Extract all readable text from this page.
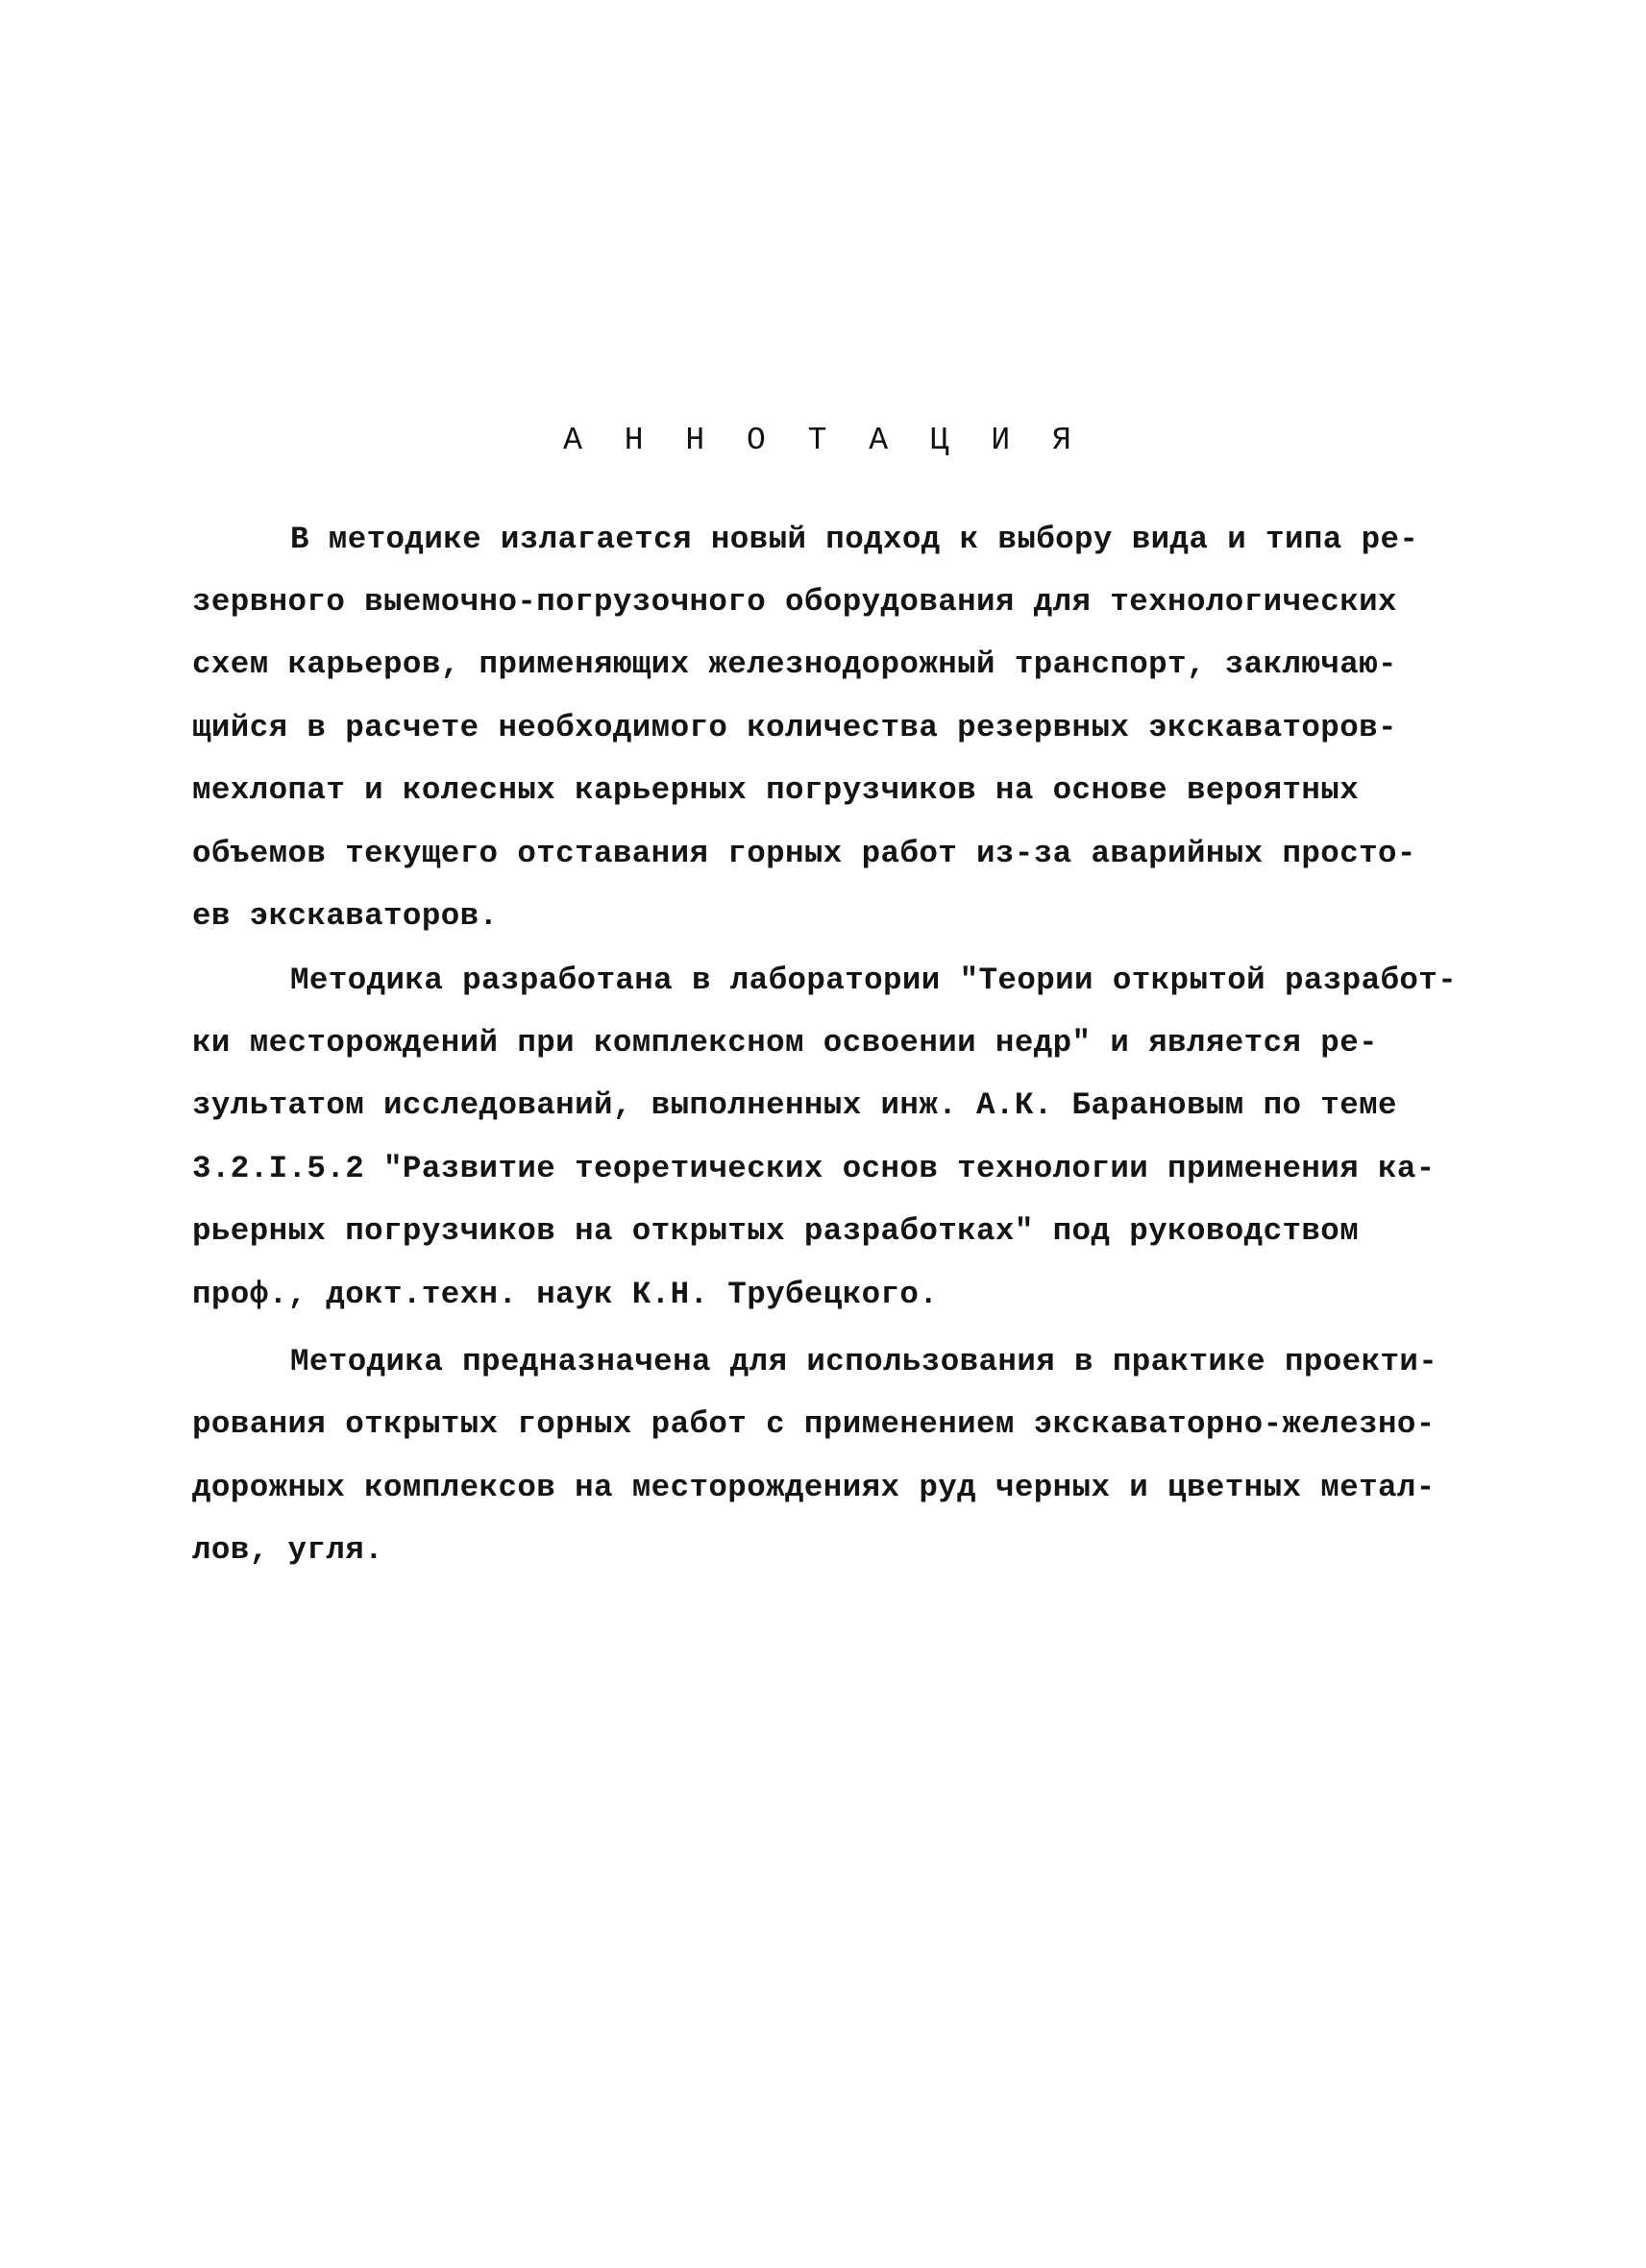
А Н Н О Т А Ц И Я
В методике излагается новый подход к выбору вида и типа ре-
зервного выемочно-погрузочного оборудования для технологических
схем карьеров, применяющих железнодорожный транспорт, заключаю-
щийся в расчете необходимого количества резервных экскаваторов-
мехлопат и колесных карьерных погрузчиков на основе вероятных
объемов текущего отставания горных работ из-за аварийных просто-
ев экскаваторов.
Методика разработана в лаборатории "Теории открытой разработ-
ки месторождений при комплексном освоении недр" и является ре-
зультатом исследований, выполненных инж. А.К. Барановым по теме
3.2.I.5.2 "Развитие теоретических основ технологии применения ка-
рьерных погрузчиков на открытых разработках" под руководством
проф., докт.техн. наук К.Н. Трубецкого.
Методика предназначена для использования в практике проекти-
рования открытых горных работ с применением экскаваторно-железно-
дорожных комплексов на месторождениях руд черных и цветных метал-
лов, угля.
